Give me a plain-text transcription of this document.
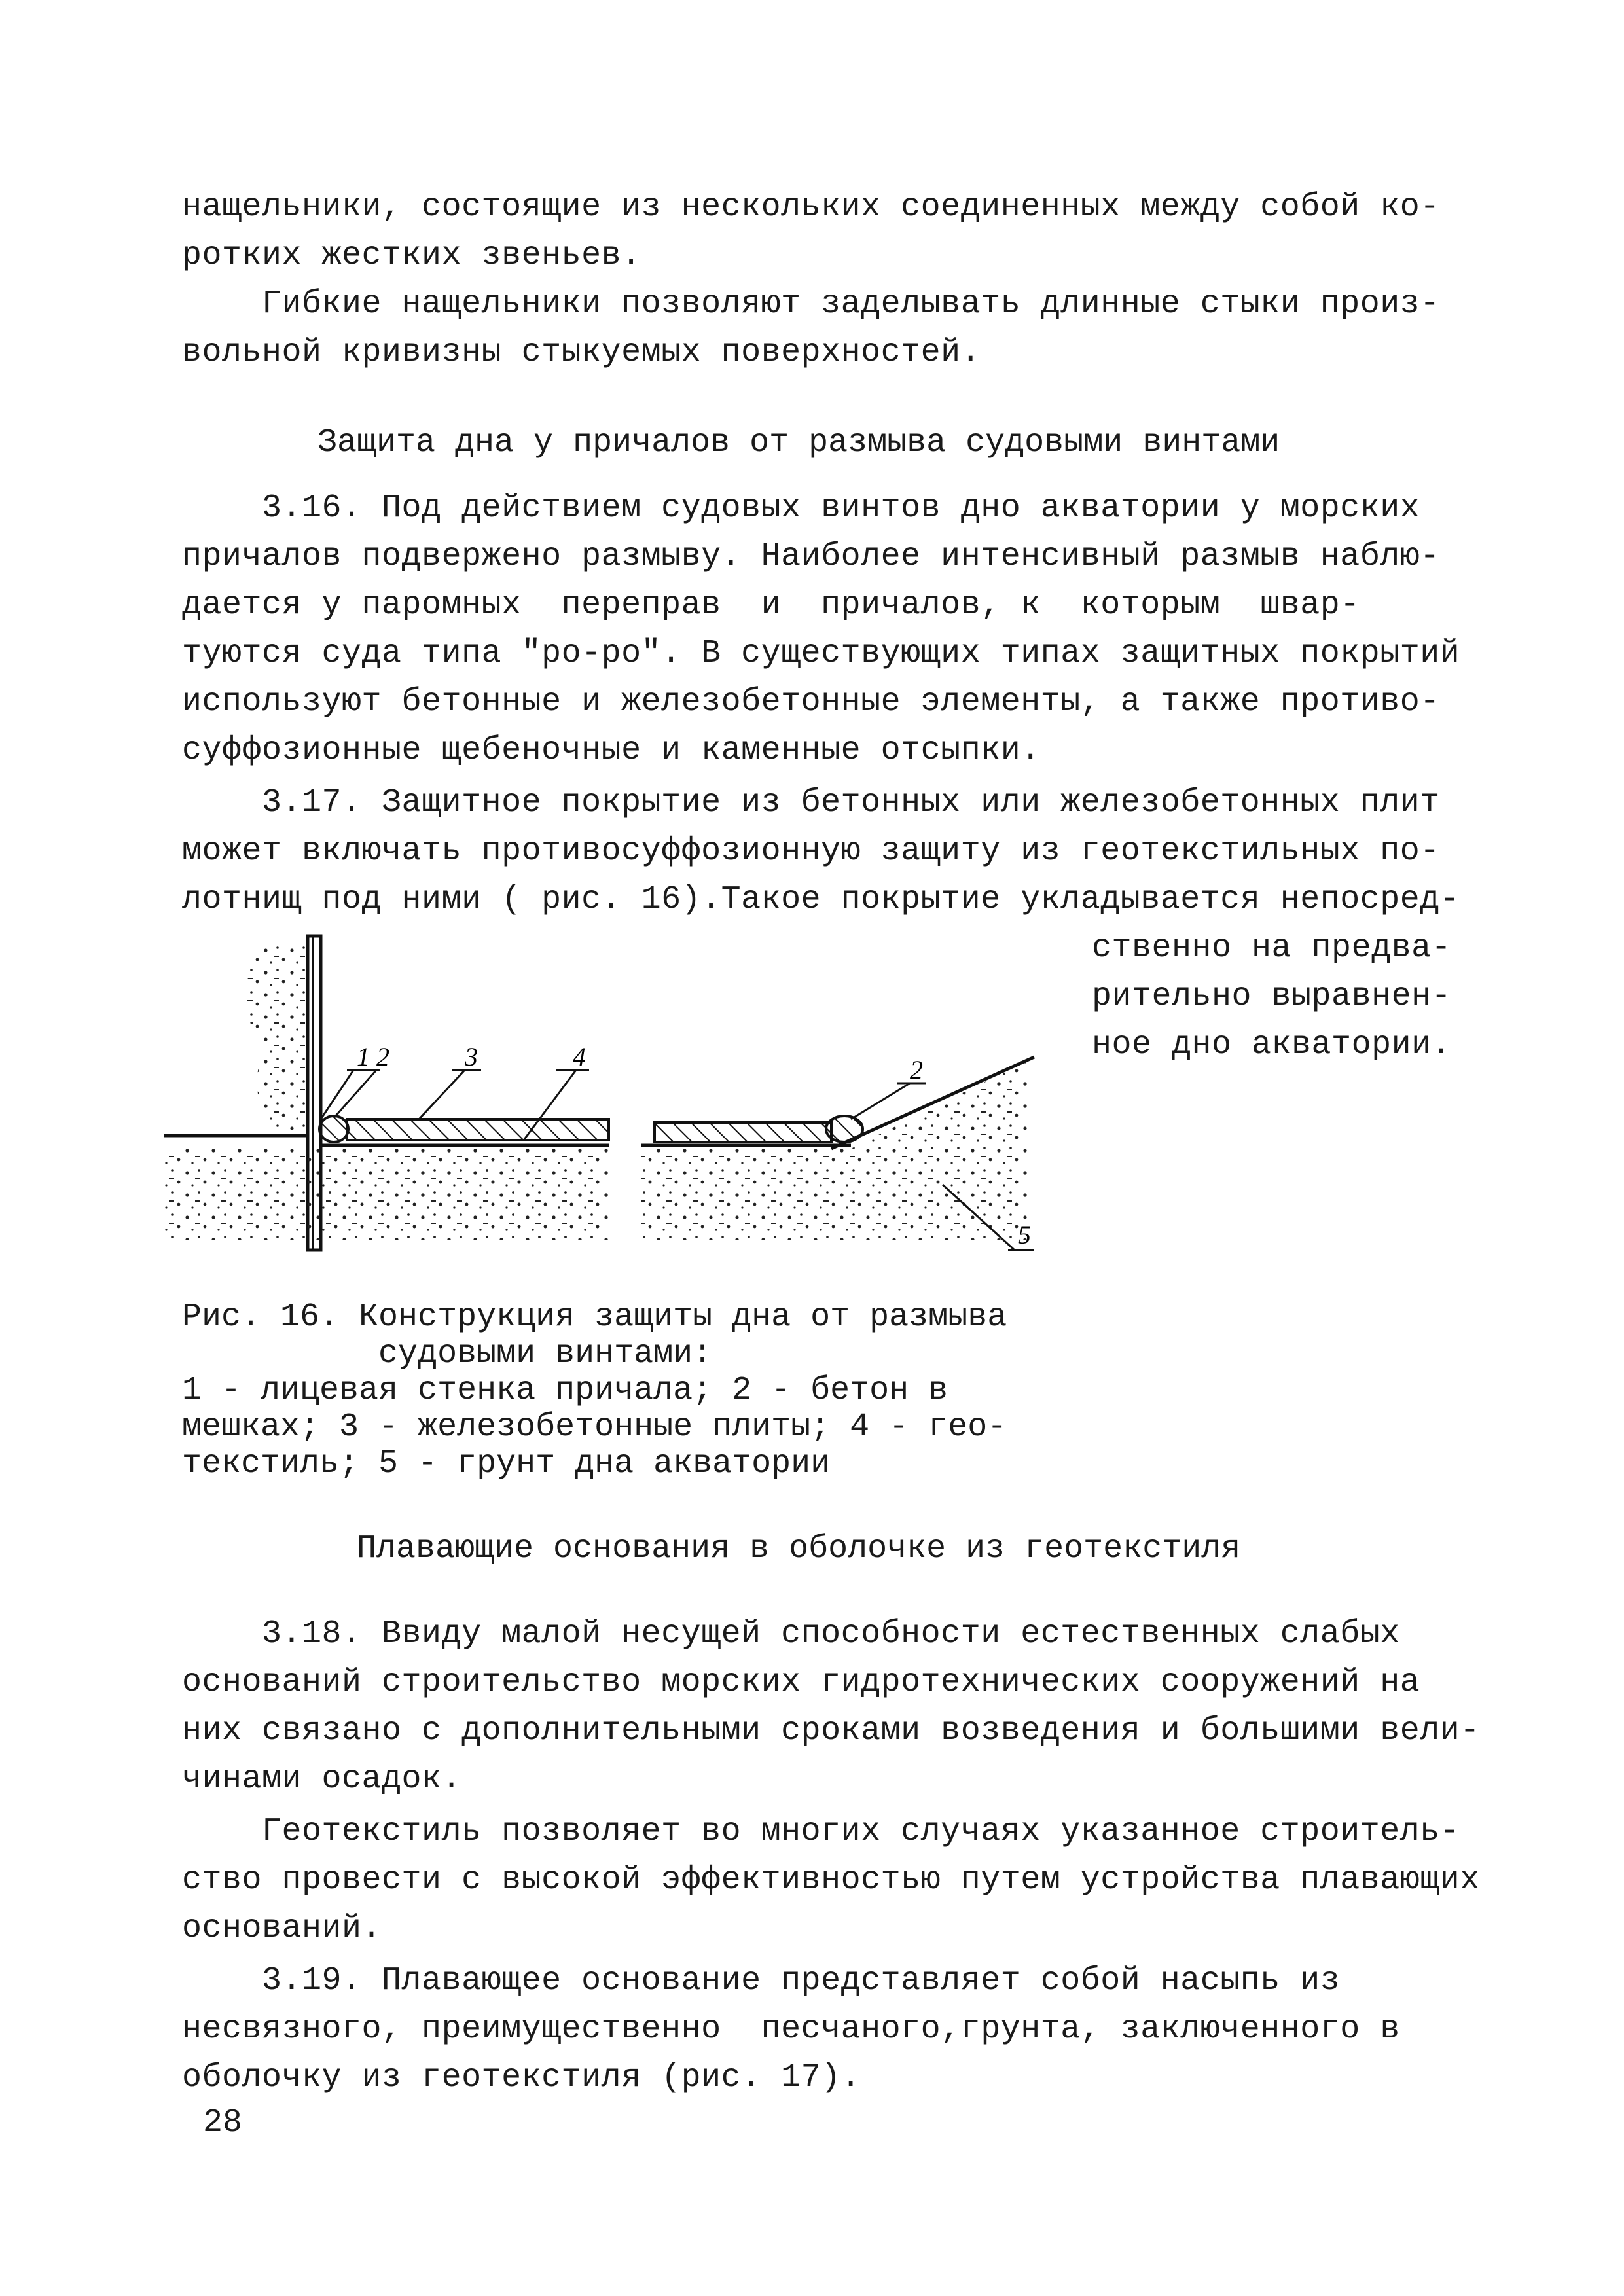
нащельники, состоящие из нескольких соединенных между собой ко-
ротких жестких звеньев.
Гибкие нащельники позволяют заделывать длинные стыки произ-
вольной кривизны стыкуемых поверхностей.
Защита дна у причалов от размыва судовыми винтами
3.16. Под действием судовых винтов дно акватории у морских
причалов подвержено размыву. Наиболее интенсивный размыв наблю-
дается у паромных  переправ  и  причалов, к  которым  швар-
туются суда типа "ро-ро". В существующих типах защитных покрытий
используют бетонные и железобетонные элементы, а также противо-
суффозионные щебеночные и каменные отсыпки.
3.17. Защитное покрытие из бетонных или железобетонных плит
может включать противосуффозионную защиту из геотекстильных по-
лотнищ под ними ( рис. 16).Такое покрытие укладывается непосред-
ственно на предва-
рительно выравнен-
ное дно акватории.
1 2	3	4	2
5
Рис. 16. Конструкция защиты дна от размыва
судовыми винтами:
1 - лицевая стенка причала; 2 - бетон в
мешках; 3 - железобетонные плиты; 4 - гео-
текстиль; 5 - грунт дна акватории
Плавающие основания в оболочке из геотекстиля
3.18. Ввиду малой несущей способности естественных слабых
оснований строительство морских гидротехнических сооружений на
них связано с дополнительными сроками возведения и большими вели-
чинами осадок.
Геотекстиль позволяет во многих случаях указанное строитель-
ство провести с высокой эффективностью путем устройства плавающих
оснований.
3.19. Плавающее основание представляет собой насыпь из
несвязного, преимущественно  песчаного,грунта, заключенного в
оболочку из геотекстиля (рис. 17).
28
